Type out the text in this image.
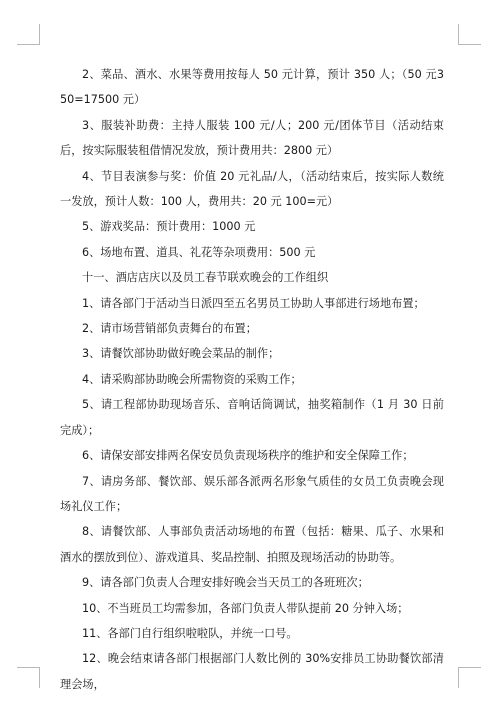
2、菜品、酒水、水果等费用按每人 50 元计算，预计 350 人；（50 元350=17500 元）

3、服装补助费：主持人服装 100 元/人；200 元/团体节目（活动结束后，按实际服装租借情况发放，预计费用共：2800 元）

4、节目表演参与奖：价值 20 元礼品/人，（活动结束后，按实际人数统一发放，预计人数：100 人，费用共：20 元 100=元）

5、游戏奖品：预计费用：1000 元

6、场地布置、道具、礼花等杂项费用：500 元

十一、酒店店庆以及员工春节联欢晚会的工作组织

1、请各部门于活动当日派四至五名男员工协助人事部进行场地布置；

2、请市场营销部负责舞台的布置；

3、请餐饮部协助做好晚会菜品的制作；

4、请采购部协助晚会所需物资的采购工作；

5、请工程部协助现场音乐、音响话筒调试，抽奖箱制作（1 月 30 日前完成）；

6、请保安部安排两名保安员负责现场秩序的维护和安全保障工作；

7、请房务部、餐饮部、娱乐部各派两名形象气质佳的女员工负责晚会现场礼仪工作；

8、请餐饮部、人事部负责活动场地的布置（包括：糖果、瓜子、水果和酒水的摆放到位）、游戏道具、奖品控制、拍照及现场活动的协助等。

9、请各部门负责人合理安排好晚会当天员工的各班班次；

10、不当班员工均需参加，各部门负责人带队提前 20 分钟入场；

11、各部门自行组织啦啦队，并统一口号。

12、晚会结束请各部门根据部门人数比例的 30%安排员工协助餐饮部清理会场，
